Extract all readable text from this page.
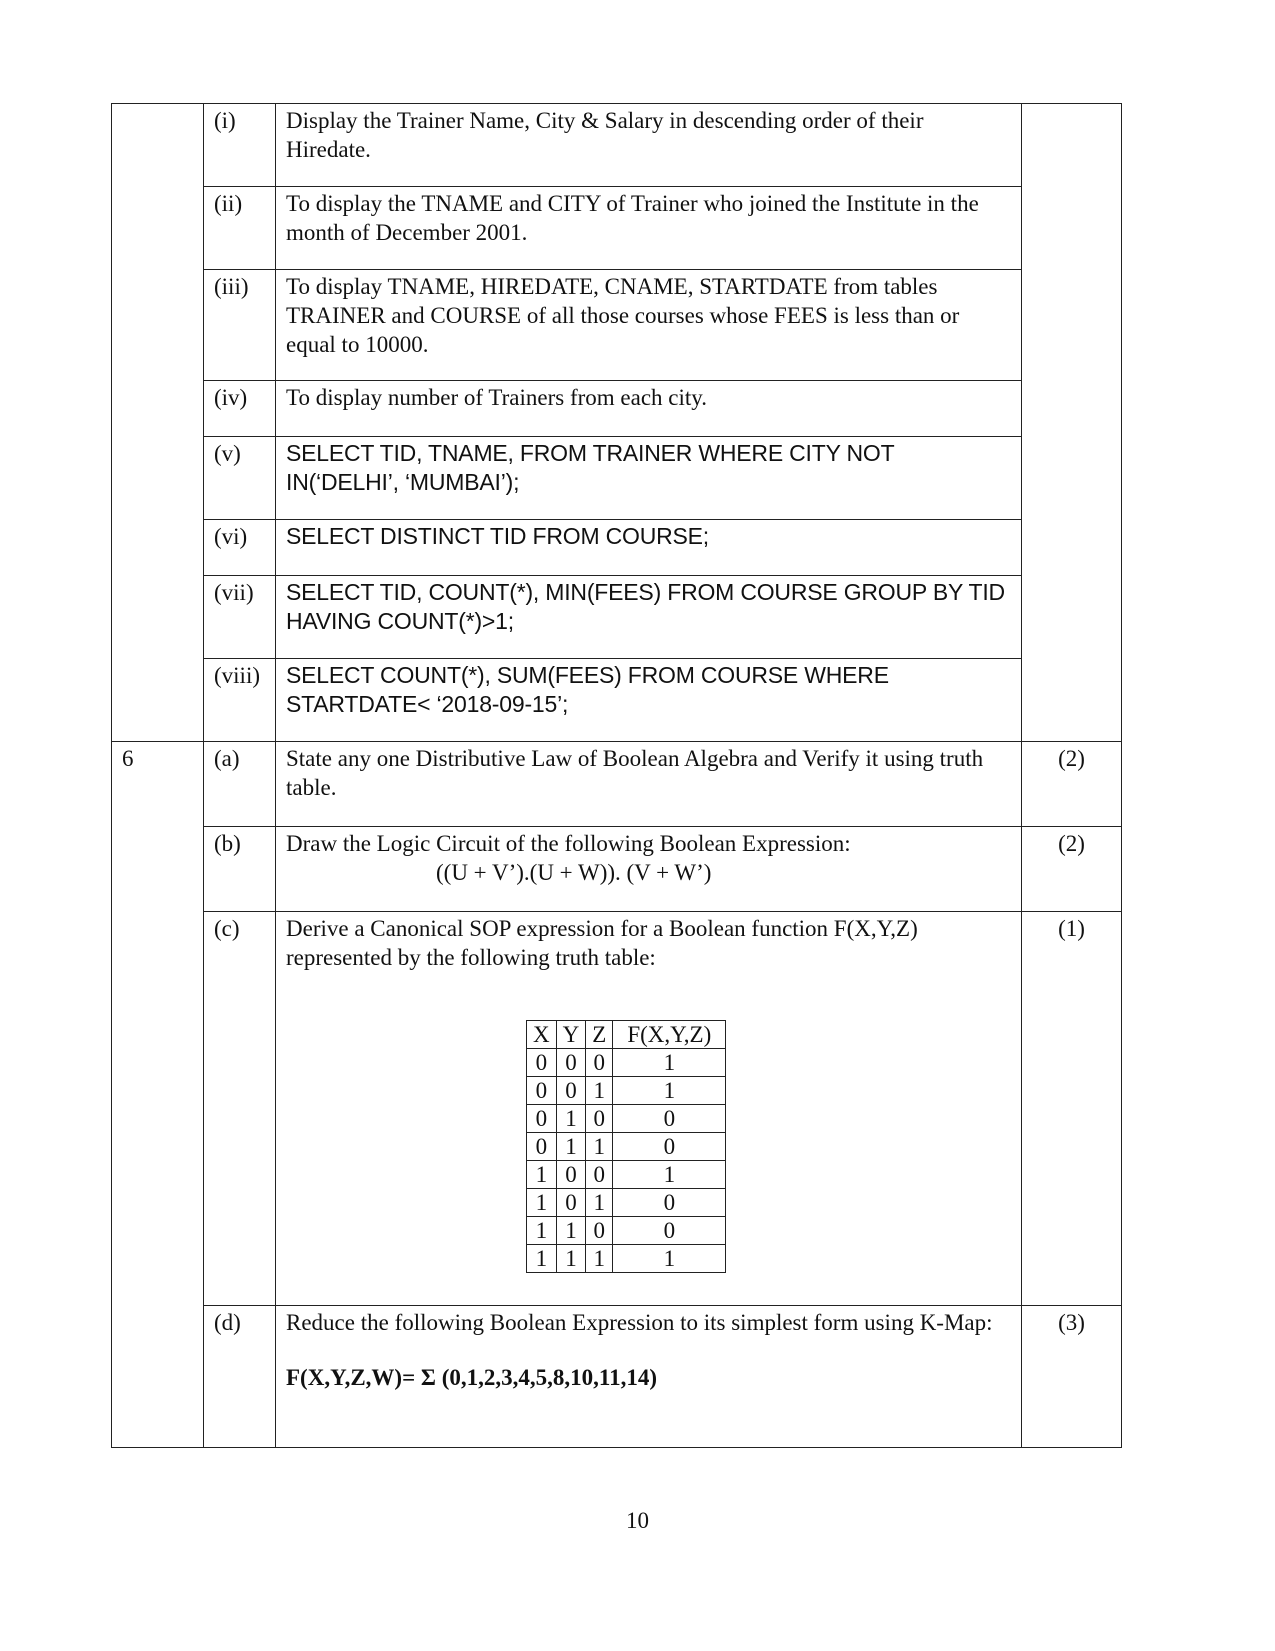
	(i)	Display the Trainer Name, City & Salary in descending order of their Hiredate.	
	(ii)	To display the TNAME and CITY of Trainer who joined the Institute in the month of December 2001.	
	(iii)	To display TNAME, HIREDATE, CNAME, STARTDATE from tables TRAINER and COURSE of all those courses whose FEES is less than or equal to 10000.	
	(iv)	To display number of Trainers from each city.	
	(v)	SELECT TID, TNAME, FROM TRAINER WHERE CITY NOT IN(‘DELHI’, ‘MUMBAI’);	
	(vi)	SELECT DISTINCT TID FROM COURSE;	
	(vii)	SELECT TID, COUNT(*), MIN(FEES) FROM COURSE GROUP BY TID HAVING COUNT(*)>1;	
	(viii)	SELECT COUNT(*), SUM(FEES) FROM COURSE WHERE STARTDATE< ‘2018-09-15’;	
6	(a)	State any one Distributive Law of Boolean Algebra and Verify it using truth table.	(2)
	(b)	Draw the Logic Circuit of the following Boolean Expression:
((U + V’).(U + W)). (V + W’)
	(2)
	(c)	Derive a Canonical SOP expression for a Boolean function F(X,Y,Z) represented by the following truth table:
X	Y	Z	F(X,Y,Z)
0	0	0	1
0	0	1	1
0	1	0	0
0	1	1	0
1	0	0	1
1	0	1	0
1	1	0	0
1	1	1	1
	(1)
	(d)	Reduce the following Boolean Expression to its simplest form using K-Map:
F(X,Y,Z,W)= Σ (0,1,2,3,4,5,8,10,11,14)
	(3)
10
